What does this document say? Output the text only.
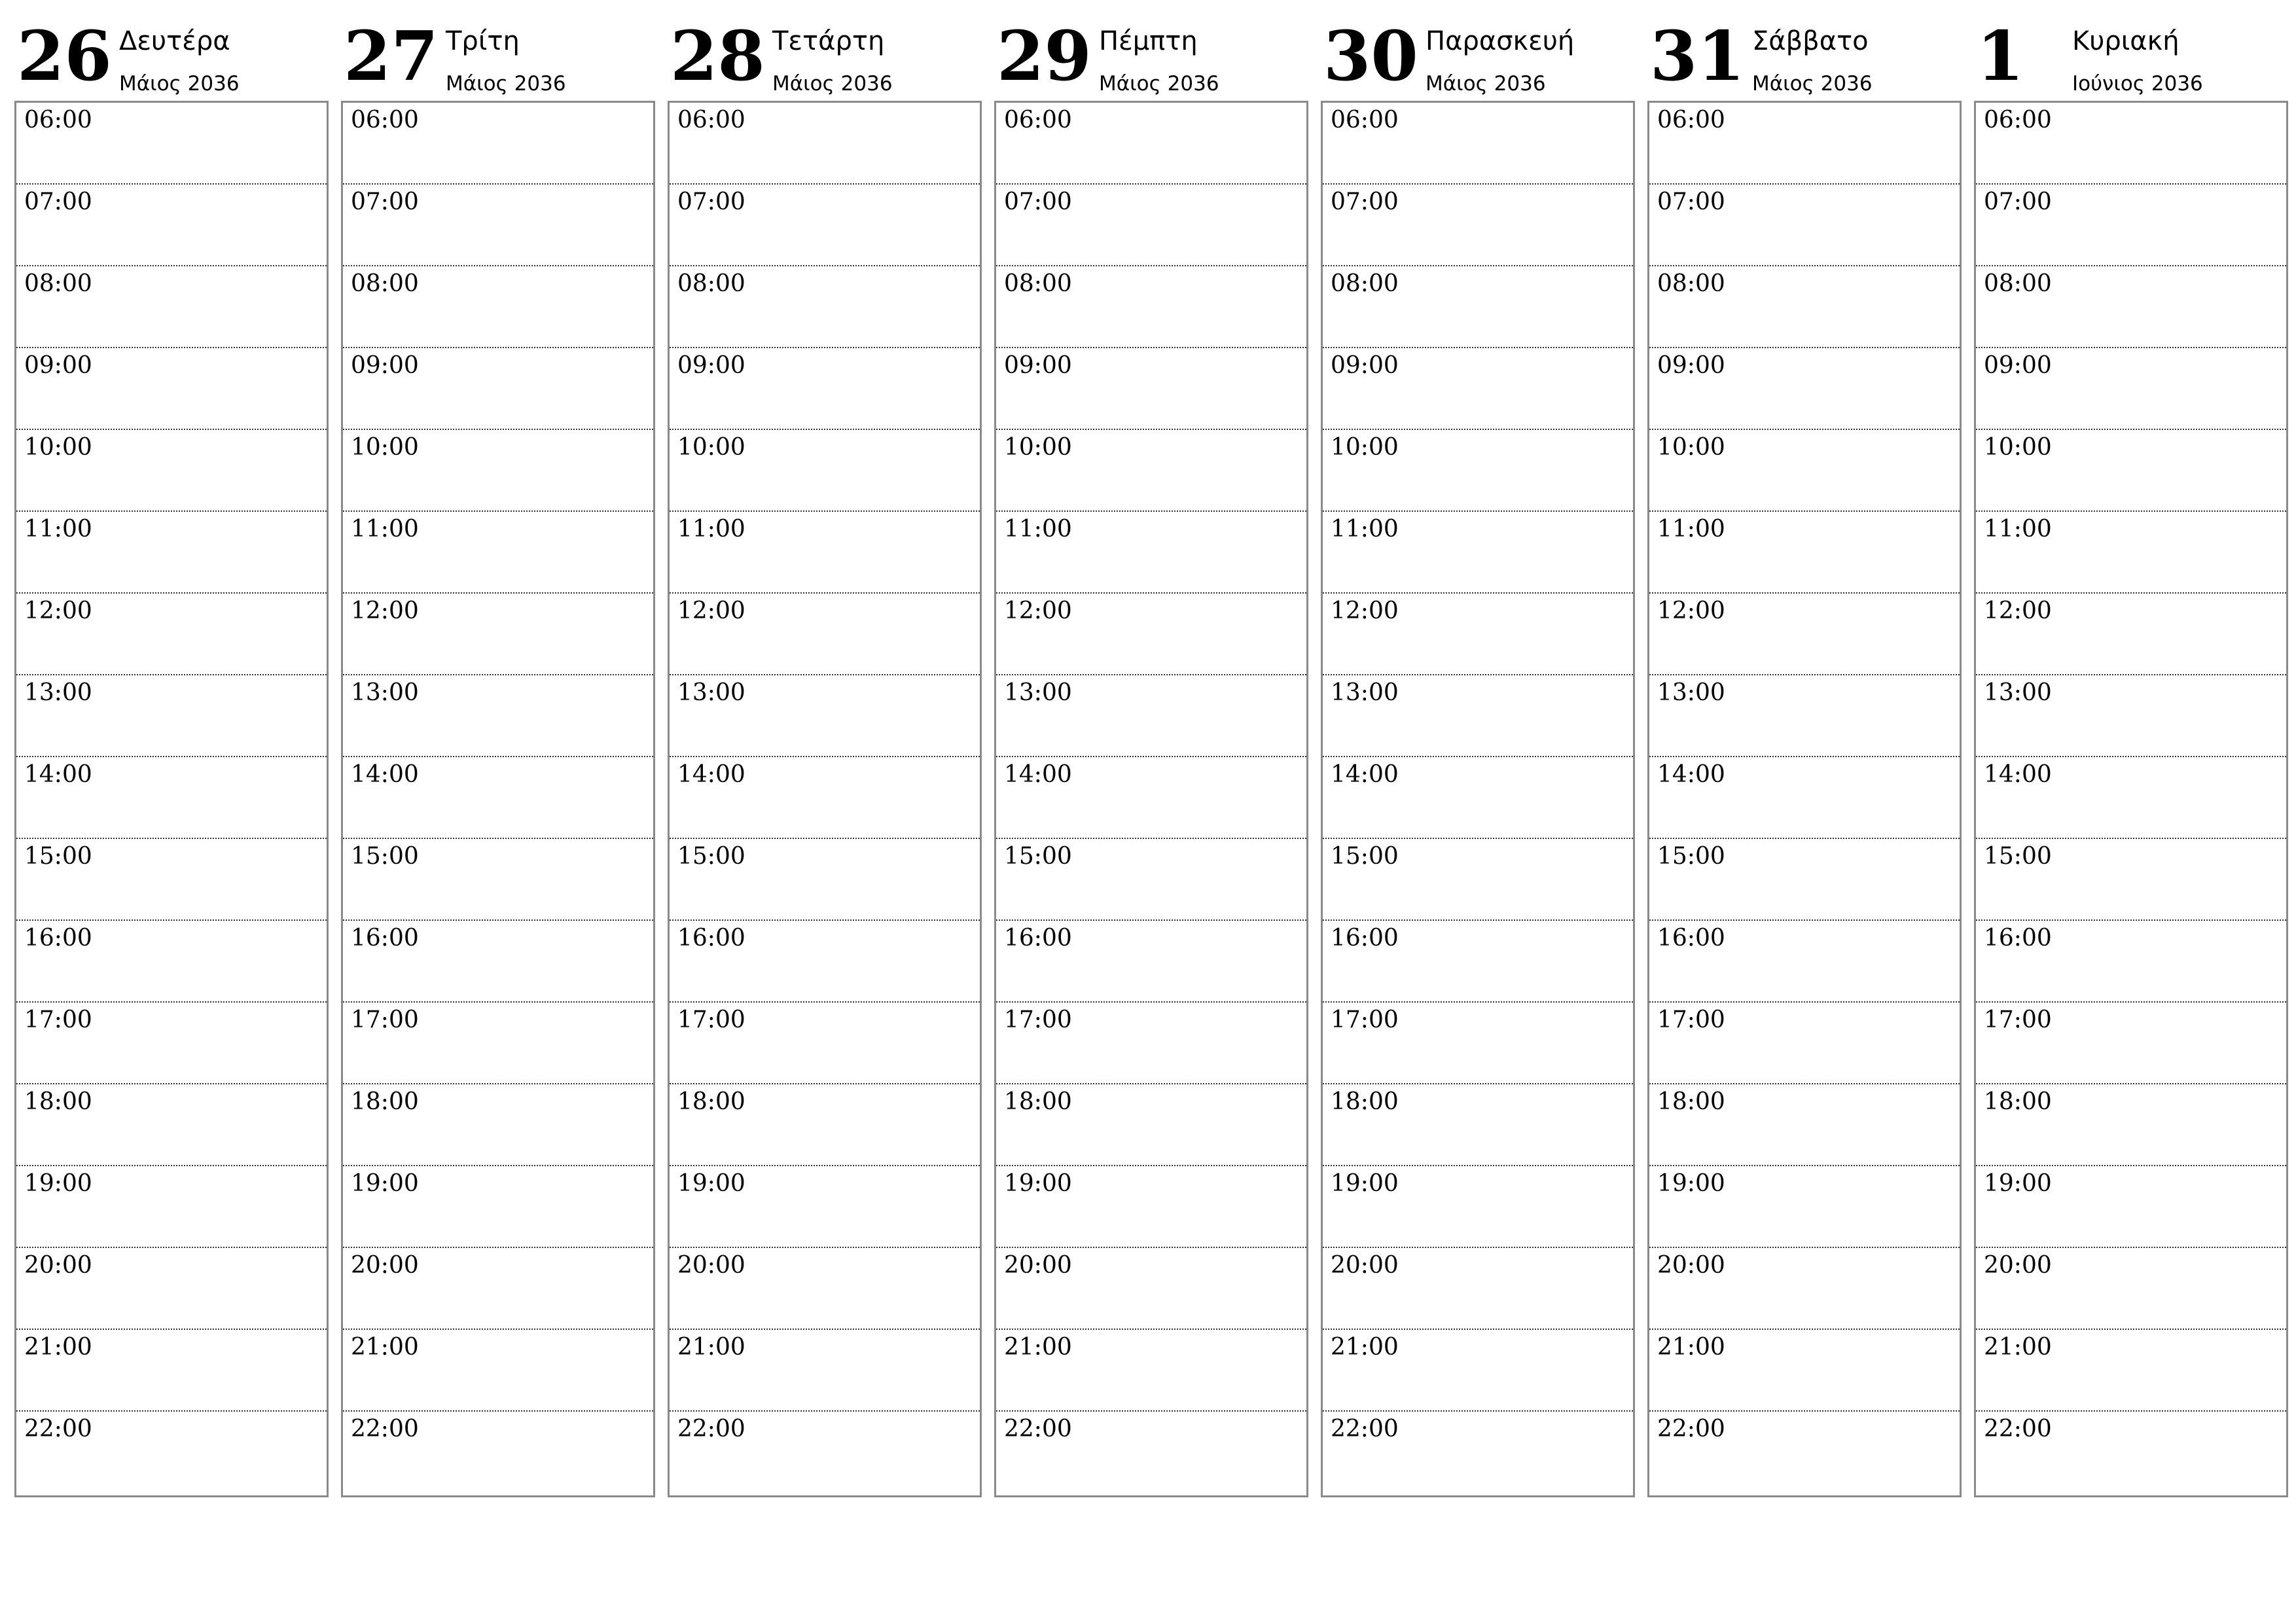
26 Δευτέρα
Μάιος 2036
06:00
07:00
08:00
09:00
10:00
11:00
12:00
13:00
14:00
15:00
16:00
17:00
18:00
19:00
20:00
21:00
22:00
27 Τρίτη
Μάιος 2036
06:00
07:00
08:00
09:00
10:00
11:00
12:00
13:00
14:00
15:00
16:00
17:00
18:00
19:00
20:00
21:00
22:00
28 Τετάρτη
Μάιος 2036
06:00
07:00
08:00
09:00
10:00
11:00
12:00
13:00
14:00
15:00
16:00
17:00
18:00
19:00
20:00
21:00
22:00
29 Πέμπτη
Μάιος 2036
06:00
07:00
08:00
09:00
10:00
11:00
12:00
13:00
14:00
15:00
16:00
17:00
18:00
19:00
20:00
21:00
22:00
30 Παρασκευή
Μάιος 2036
06:00
07:00
08:00
09:00
10:00
11:00
12:00
13:00
14:00
15:00
16:00
17:00
18:00
19:00
20:00
21:00
22:00
31 Σάββατο
Μάιος 2036
06:00
07:00
08:00
09:00
10:00
11:00
12:00
13:00
14:00
15:00
16:00
17:00
18:00
19:00
20:00
21:00
22:00
1 Κυριακή
Ιούνιος 2036
06:00
07:00
08:00
09:00
10:00
11:00
12:00
13:00
14:00
15:00
16:00
17:00
18:00
19:00
20:00
21:00
22:00
